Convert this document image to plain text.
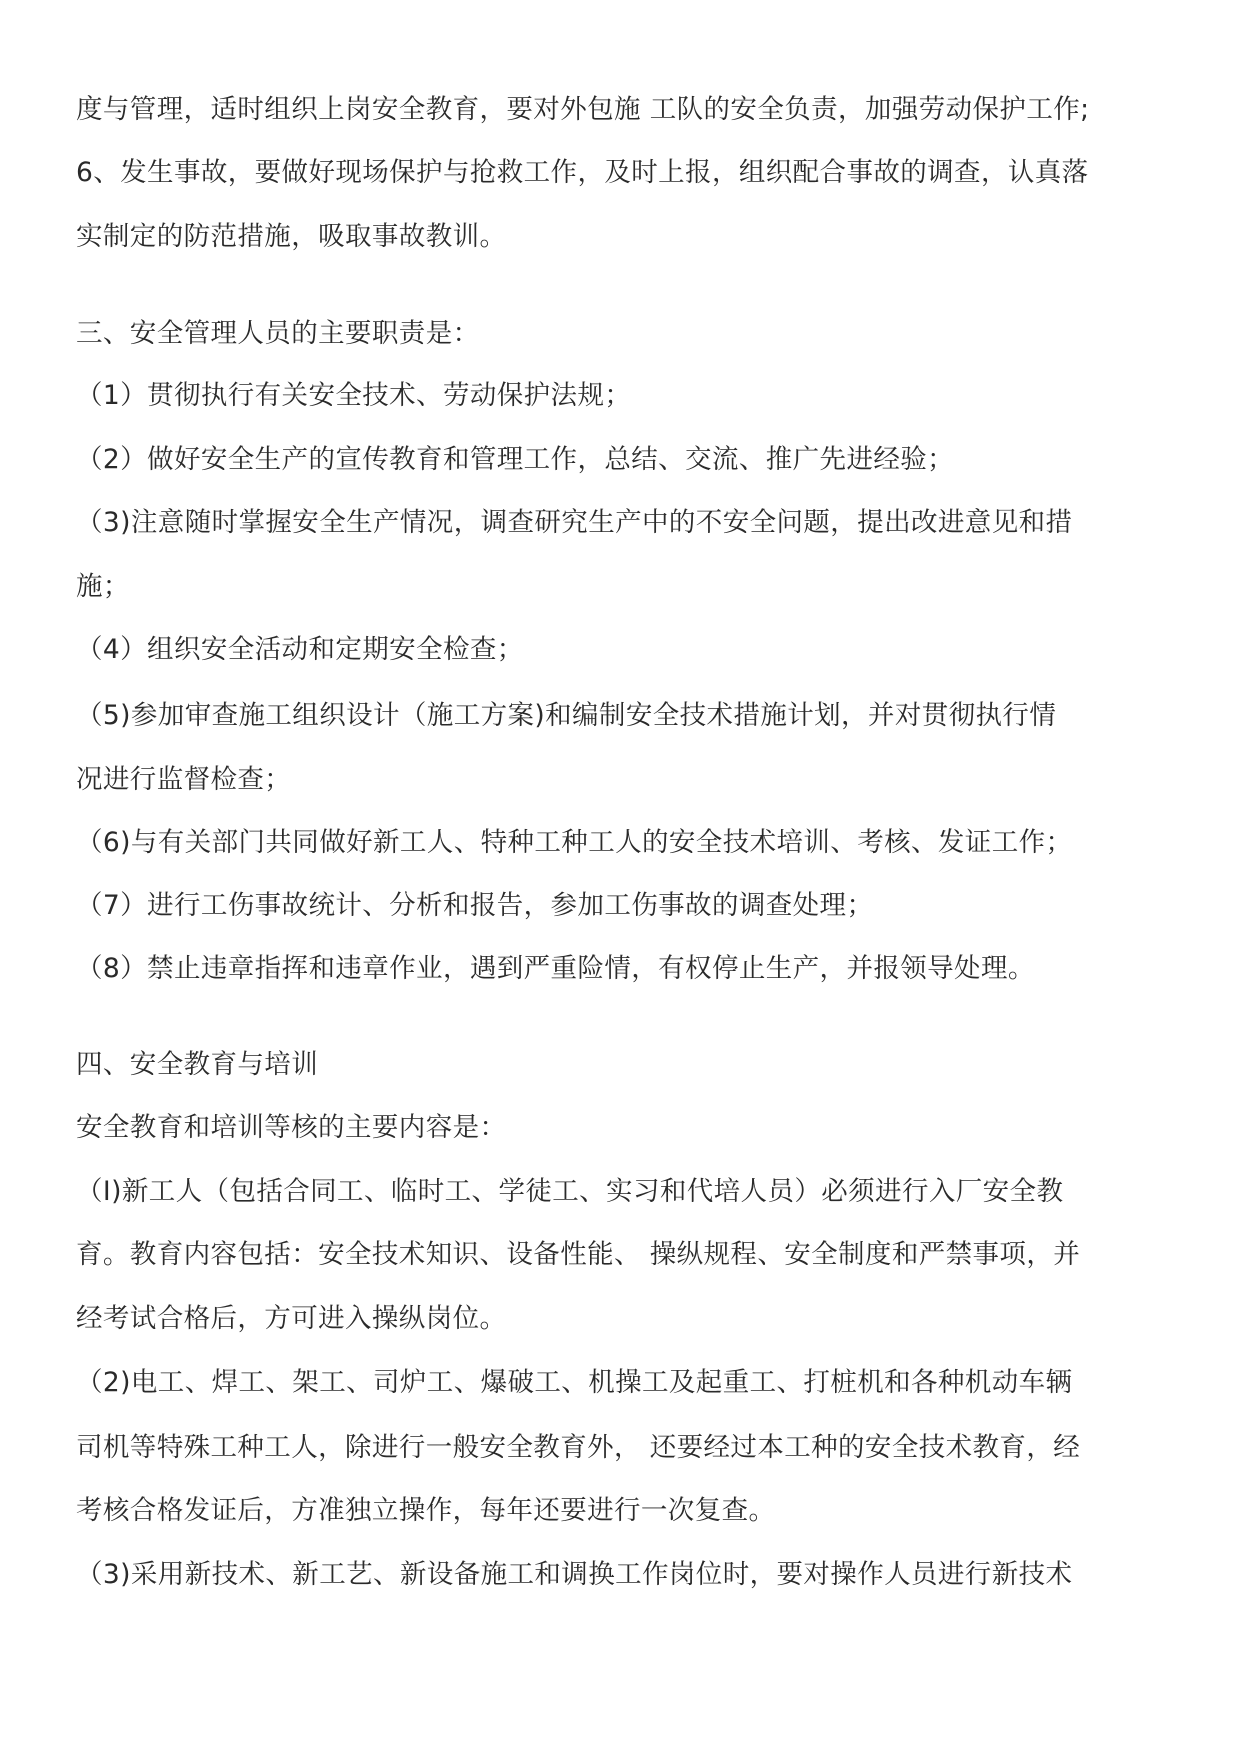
度与管理，适时组织上岗安全教育，要对外包施 工队的安全负责，加强劳动保护工作;
6、发生事故，要做好现场保护与抢救工作，及时上报，组织配合事故的调查，认真落
实制定的防范措施，吸取事故教训。
三、安全管理人员的主要职责是：
（1）贯彻执行有关安全技术、劳动保护法规；
（2）做好安全生产的宣传教育和管理工作，总结、交流、推广先进经验；
（3)注意随时掌握安全生产情况，调查研究生产中的不安全问题，提出改进意见和措
施；
（4）组织安全活动和定期安全检查；
（5)参加审查施工组织设计（施工方案)和编制安全技术措施计划，并对贯彻执行情
况进行监督检查；
（6)与有关部门共同做好新工人、特种工种工人的安全技术培训、考核、发证工作；
（7）进行工伤事故统计、分析和报告，参加工伤事故的调查处理；
（8）禁止违章指挥和违章作业，遇到严重险情，有权停止生产，并报领导处理。
四、安全教育与培训
安全教育和培训等核的主要内容是：
（I)新工人（包括合同工、临时工、学徒工、实习和代培人员）必须进行入厂安全教
育。教育内容包括：安全技术知识、设备性能、 操纵规程、安全制度和严禁事项，并
经考试合格后，方可进入操纵岗位。
（2)电工、焊工、架工、司炉工、爆破工、机操工及起重工、打桩机和各种机动车辆
司机等特殊工种工人，除进行一般安全教育外， 还要经过本工种的安全技术教育，经
考核合格发证后，方准独立操作，每年还要进行一次复查。
（3)采用新技术、新工艺、新设备施工和调换工作岗位时，要对操作人员进行新技术
